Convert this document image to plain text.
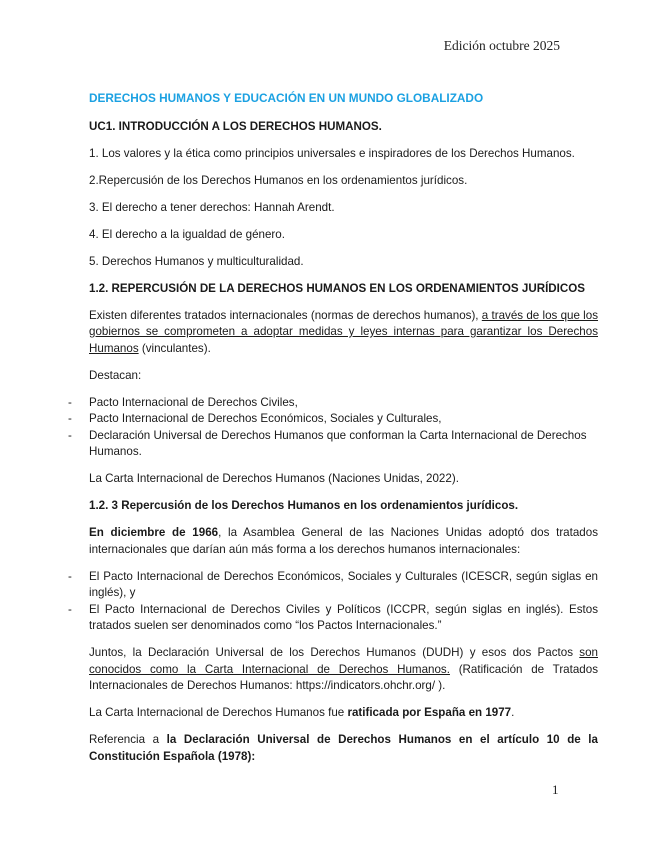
Edición octubre 2025
DERECHOS HUMANOS Y EDUCACIÓN EN UN MUNDO GLOBALIZADO
UC1. INTRODUCCIÓN A LOS DERECHOS HUMANOS.
1. Los valores y la ética como principios universales e inspiradores de los Derechos Humanos.
2.Repercusión de los Derechos Humanos en los ordenamientos jurídicos.
3. El derecho a tener derechos: Hannah Arendt.
4. El derecho a la igualdad de género.
5. Derechos Humanos y multiculturalidad.
1.2. REPERCUSIÓN DE LA DERECHOS HUMANOS EN LOS ORDENAMIENTOS JURÍDICOS
Existen diferentes tratados internacionales (normas de derechos humanos), a través de los que los gobiernos se comprometen a adoptar medidas y leyes internas para garantizar los Derechos Humanos (vinculantes).
Destacan:
- Pacto Internacional de Derechos Civiles,
- Pacto Internacional de Derechos Económicos, Sociales y Culturales,
- Declaración Universal de Derechos Humanos que conforman la Carta Internacional de Derechos Humanos.
La Carta Internacional de Derechos Humanos (Naciones Unidas, 2022).
1.2. 3 Repercusión de los Derechos Humanos en los ordenamientos jurídicos.
En diciembre de 1966, la Asamblea General de las Naciones Unidas adoptó dos tratados internacionales que darían aún más forma a los derechos humanos internacionales:
- El Pacto Internacional de Derechos Económicos, Sociales y Culturales (ICESCR, según siglas en inglés), y
- El Pacto Internacional de Derechos Civiles y Políticos (ICCPR, según siglas en inglés). Estos tratados suelen ser denominados como “los Pactos Internacionales.”
Juntos, la Declaración Universal de los Derechos Humanos (DUDH) y esos dos Pactos son conocidos como la Carta Internacional de Derechos Humanos. (Ratificación de Tratados Internacionales de Derechos Humanos: https://indicators.ohchr.org/ ).
La Carta Internacional de Derechos Humanos fue ratificada por España en 1977.
Referencia a la Declaración Universal de Derechos Humanos en el artículo 10 de la Constitución Española (1978):
1
